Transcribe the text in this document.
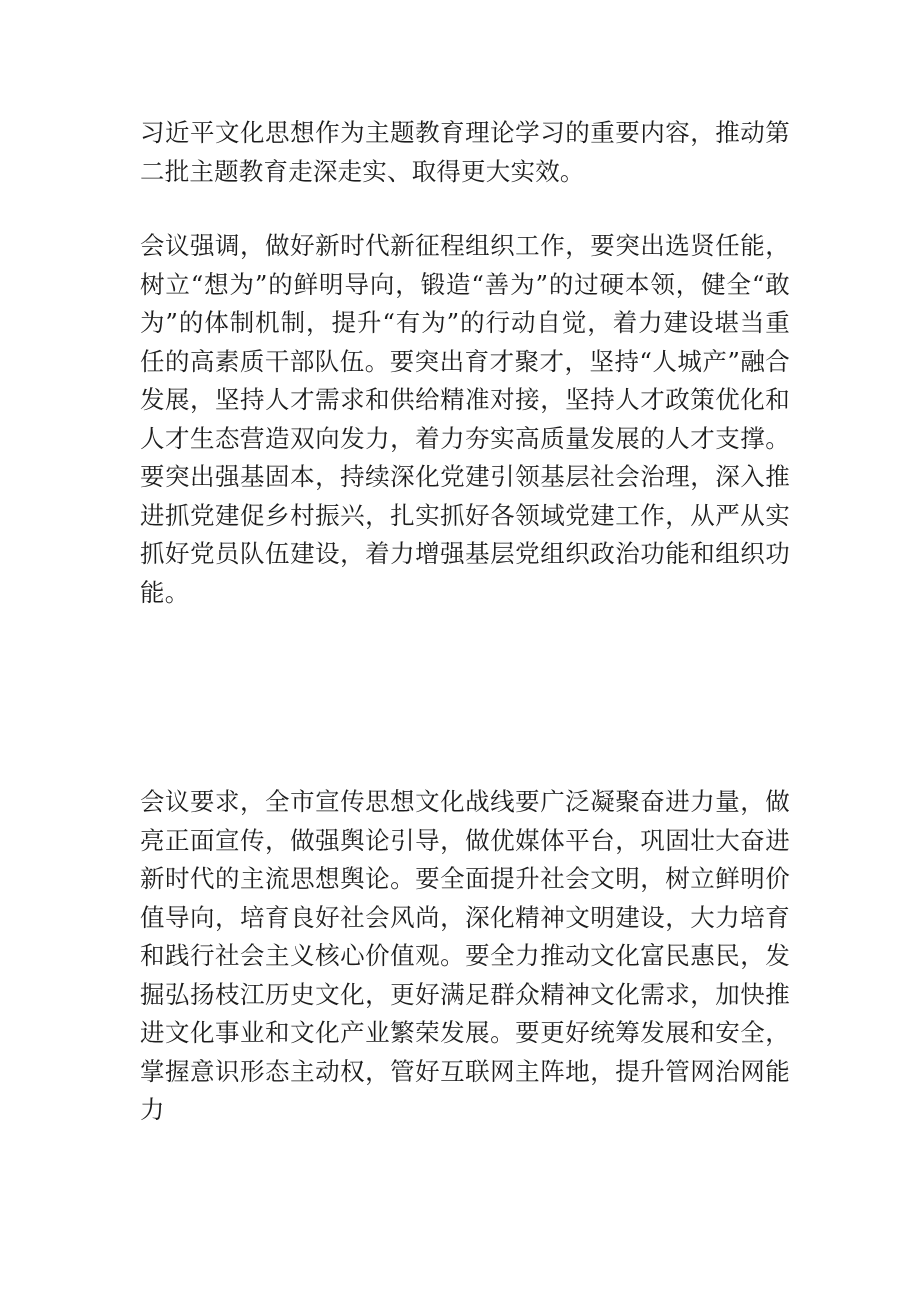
习近平文化思想作为主题教育理论学习的重要内容，推动第二批主题教育走深走实、取得更大实效。

会议强调，做好新时代新征程组织工作，要突出选贤任能，树立“想为”的鲜明导向，锻造“善为”的过硬本领，健全“敢为”的体制机制，提升“有为”的行动自觉，着力建设堪当重任的高素质干部队伍。要突出育才聚才，坚持“人城产”融合发展，坚持人才需求和供给精准对接，坚持人才政策优化和人才生态营造双向发力，着力夯实高质量发展的人才支撑。要突出强基固本，持续深化党建引领基层社会治理，深入推进抓党建促乡村振兴，扎实抓好各领域党建工作，从严从实抓好党员队伍建设，着力增强基层党组织政治功能和组织功能。

会议要求，全市宣传思想文化战线要广泛凝聚奋进力量，做亮正面宣传，做强舆论引导，做优媒体平台，巩固壮大奋进新时代的主流思想舆论。要全面提升社会文明，树立鲜明价值导向，培育良好社会风尚，深化精神文明建设，大力培育和践行社会主义核心价值观。要全力推动文化富民惠民，发掘弘扬枝江历史文化，更好满足群众精神文化需求，加快推进文化事业和文化产业繁荣发展。要更好统筹发展和安全，掌握意识形态主动权，管好互联网主阵地，提升管网治网能力
